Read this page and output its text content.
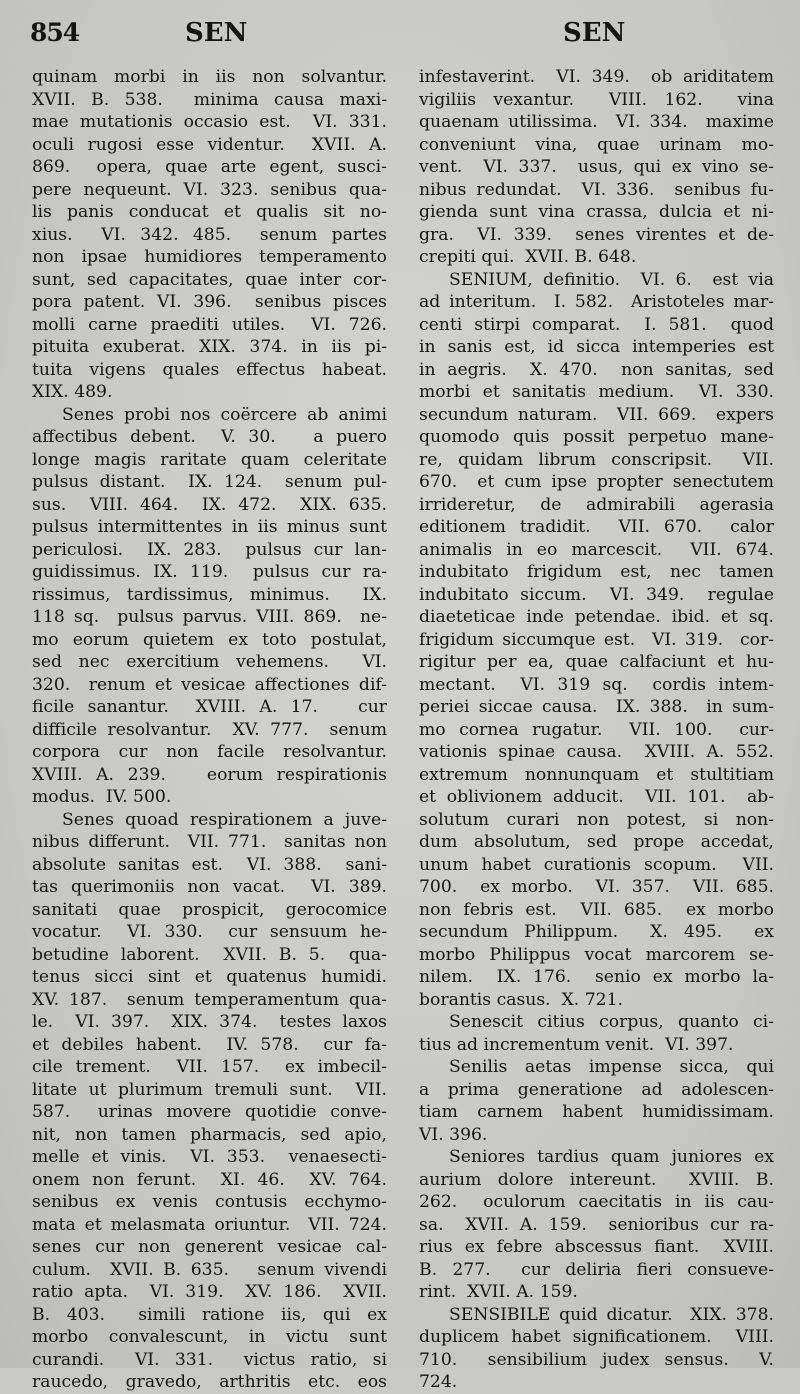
854	SEN	SEN
quinam morbi in iis non solvantur.
XVII. B. 538.  minima causa maxi-
mae mutationis occasio est.  VI. 331.
oculi rugosi esse videntur.  XVII. A.
869.  opera, quae arte egent, susci-
pere nequeunt. VI. 323. senibus qua-
lis panis conducat et qualis sit no-
xius.  VI. 342. 485.  senum partes
non ipsae humidiores temperamento
sunt, sed capacitates, quae inter cor-
pora patent. VI. 396.  senibus pisces
molli carne praediti utiles.  VI. 726.
pituita exuberat. XIX. 374. in iis pi-
tuita vigens quales effectus habeat.
XIX. 489.
Senes probi nos coërcere ab animi
affectibus debent.  V. 30.   a puero
longe magis raritate quam celeritate
pulsus distant.  IX. 124.  senum pul-
sus.  VIII. 464.  IX. 472.  XIX. 635.
pulsus intermittentes in iis minus sunt
periculosi.  IX. 283.  pulsus cur lan-
guidissimus. IX. 119.  pulsus cur ra-
rissimus, tardissimus, minimus.  IX.
118 sq.  pulsus parvus. VIII. 869.  ne-
mo eorum quietem ex toto postulat,
sed nec exercitium vehemens.  VI.
320.  renum et vesicae affectiones dif-
ficile sanantur.  XVIII. A. 17.   cur
difficile resolvantur.  XV. 777.  senum
corpora cur non facile resolvantur.
XVIII. A. 239.   eorum respirationis
modus.  IV. 500.
Senes quoad respirationem a juve-
nibus differunt.  VII. 771.  sanitas non
absolute sanitas est.  VI. 388.  sani-
tas querimoniis non vacat.  VI. 389.
sanitati quae prospicit, gerocomice
vocatur.  VI. 330.  cur sensuum he-
betudine laborent.  XVII. B. 5.  qua-
tenus sicci sint et quatenus humidi.
XV. 187.  senum temperamentum qua-
le.  VI. 397.  XIX. 374.  testes laxos
et debiles habent.  IV. 578.  cur fa-
cile trement.  VII. 157.  ex imbecil-
litate ut plurimum tremuli sunt.  VII.
587.  urinas movere quotidie conve-
nit, non tamen pharmacis, sed apio,
melle et vinis.  VI. 353.  venaesecti-
onem non ferunt.  XI. 46.  XV. 764.
senibus ex venis contusis ecchymo-
mata et melasmata oriuntur.  VII. 724.
senes cur non generent vesicae cal-
culum.  XVII. B. 635.   senum vivendi
ratio apta.  VI. 319.  XV. 186.  XVII.
B. 403.  simili ratione iis, qui ex
morbo convalescunt, in victu sunt
curandi.  VI. 331.  victus ratio, si
raucedo, gravedo, arthritis etc. eos
infestaverint.  VI. 349.  ob ariditatem
vigiliis vexantur.  VIII. 162.  vina
quaenam utilissima.  VI. 334.  maxime
conveniunt vina, quae urinam mo-
vent.  VI. 337.  usus, qui ex vino se-
nibus redundat.  VI. 336.  senibus fu-
gienda sunt vina crassa, dulcia et ni-
gra.  VI. 339.  senes virentes et de-
crepiti qui.  XVII. B. 648.
SENIUM, definitio.  VI. 6.  est via
ad interitum.  I. 582.  Aristoteles mar-
centi stirpi comparat.  I. 581.  quod
in sanis est, id sicca intemperies est
in aegris.  X. 470.  non sanitas, sed
morbi et sanitatis medium.  VI. 330.
secundum naturam.  VII. 669.  expers
quomodo quis possit perpetuo mane-
re, quidam librum conscripsit.  VII.
670.  et cum ipse propter senectutem
irrideretur, de admirabili agerasia
editionem tradidit.  VII. 670.  calor
animalis in eo marcescit.  VII. 674.
indubitato frigidum est, nec tamen
indubitato siccum.  VI. 349.  regulae
diaeteticae inde petendae. ibid. et sq.
frigidum siccumque est.  VI. 319.  cor-
rigitur per ea, quae calfaciunt et hu-
mectant.  VI. 319 sq.  cordis intem-
periei siccae causa.  IX. 388.  in sum-
mo cornea rugatur.  VII. 100.  cur-
vationis spinae causa.  XVIII. A. 552.
extremum nonnunquam et stultitiam
et oblivionem adducit.  VII. 101.  ab-
solutum curari non potest, si non-
dum absolutum, sed prope accedat,
unum habet curationis scopum.  VII.
700.  ex morbo.  VI. 357.  VII. 685.
non febris est.  VII. 685.  ex morbo
secundum Philippum.  X. 495.  ex
morbo Philippus vocat marcorem se-
nilem.  IX. 176.  senio ex morbo la-
borantis casus.  X. 721.
Senescit citius corpus, quanto ci-
tius ad incrementum venit.  VI. 397.
Senilis aetas impense sicca, qui
a prima generatione ad adolescen-
tiam carnem habent humidissimam.
VI. 396.
Seniores tardius quam juniores ex
aurium dolore intereunt.  XVIII. B.
262.  oculorum caecitatis in iis cau-
sa.  XVII. A. 159.  senioribus cur ra-
rius ex febre abscessus fiant.  XVIII.
B. 277.  cur deliria fieri consueve-
rint.  XVII. A. 159.
SENSIBILE quid dicatur.  XIX. 378.
duplicem habet significationem.  VIII.
710.  sensibilium judex sensus.  V.
724.
